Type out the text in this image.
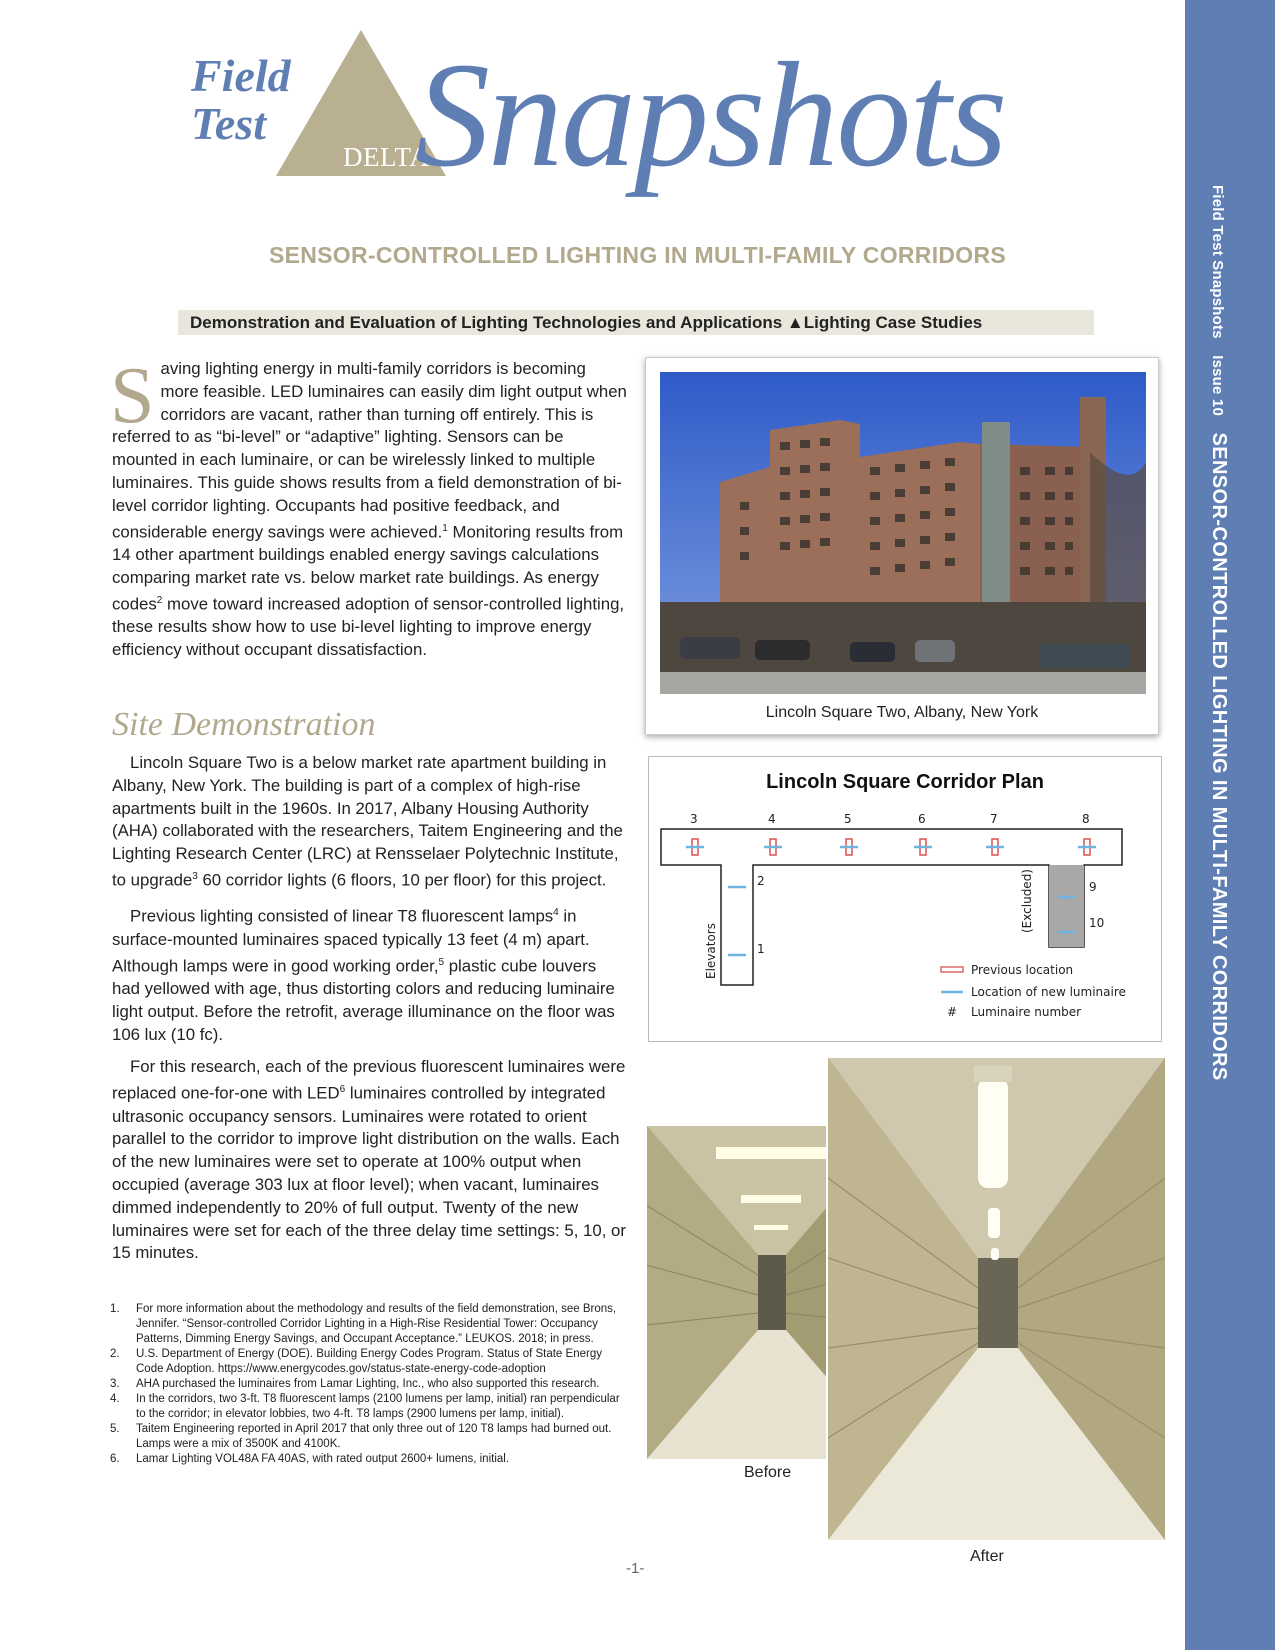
Field Test Snapshots Issue 10 SENSOR-CONTROLLED LIGHTING IN MULTI-FAMILY CORRIDORS
Field
Test
DELTA
Snapshots
SENSOR-CONTROLLED LIGHTING IN MULTI-FAMILY CORRIDORS
Demonstration and Evaluation of Lighting Technologies and Applications ▲Lighting Case Studies
Saving lighting energy in multi-family corridors is becoming more feasible. LED luminaires can easily dim light output when corridors are vacant, rather than turning off entirely. This is referred to as “bi-level” or “adaptive” lighting. Sensors can be mounted in each luminaire, or can be wirelessly linked to multiple luminaires. This guide shows results from a field demonstration of bi-level corridor lighting. Occupants had positive feedback, and considerable energy savings were achieved.$^1$ Monitoring results from 14 other apartment buildings enabled energy savings calculations comparing market rate vs. below market rate buildings. As energy codes$^2$ move toward increased adoption of sensor-controlled lighting, these results show how to use bi-level lighting to improve energy efficiency without occupant dissatisfaction.
Site Demonstration

Lincoln Square Two is a below market rate apartment building in Albany, New York. The building is part of a complex of high-rise apartments built in the 1960s. In 2017, Albany Housing Authority (AHA) collaborated with the researchers, Taitem Engineering and the Lighting Research Center (LRC) at Rensselaer Polytechnic Institute, to upgrade$^3$ 60 corridor lights (6 floors, 10 per floor) for this project.

Previous lighting consisted of linear T8 fluorescent lamps$^4$ in surface-mounted luminaires spaced typically 13 feet (4 m) apart. Although lamps were in good working order,$^5$ plastic cube louvers had yellowed with age, thus distorting colors and reducing luminaire light output. Before the retrofit, average illuminance on the floor was 106 lux (10 fc).

For this research, each of the previous fluorescent luminaires were replaced one-for-one with LED$^6$ luminaires controlled by integrated ultrasonic occupancy sensors. Luminaires were rotated to orient parallel to the corridor to improve light distribution on the walls. Each of the new luminaires were set to operate at 100% output when occupied (average 303 lux at floor level); when vacant, luminaires dimmed independently to 20% of full output. Twenty of the new luminaires were set for each of the three delay time settings: 5, 10, or 15 minutes.

1.	For more information about the methodology and results of the field demonstration, see Brons, Jennifer. “Sensor-controlled Corridor Lighting in a High-Rise Residential Tower: Occupancy Patterns, Dimming Energy Savings, and Occupant Acceptance.” LEUKOS. 2018; in press.
2.	U.S. Department of Energy (DOE). Building Energy Codes Program. Status of State Energy Code Adoption. https://www.energycodes.gov/status-state-energy-code-adoption
3.	AHA purchased the luminaires from Lamar Lighting, Inc., who also supported this research.
4.	In the corridors, two 3-ft. T8 fluorescent lamps (2100 lumens per lamp, initial) ran perpendicular to the corridor; in elevator lobbies, two 4-ft. T8 lamps (2900 lumens per lamp, initial).
5.	Taitem Engineering reported in April 2017 that only three out of 120 T8 lamps had burned out. Lamps were a mix of 3500K and 4100K.
6.	Lamar Lighting VOL48A FA 40AS, with rated output 2600+ lumens, initial.
-1-
Lincoln Square Two, Albany, New York
Lincoln Square Corridor Plan
3	4	5	6	7	8
2
1
9
10
Elevators
(Excluded)
Previous location
Location of new luminaire
# Luminaire number
Before
After
